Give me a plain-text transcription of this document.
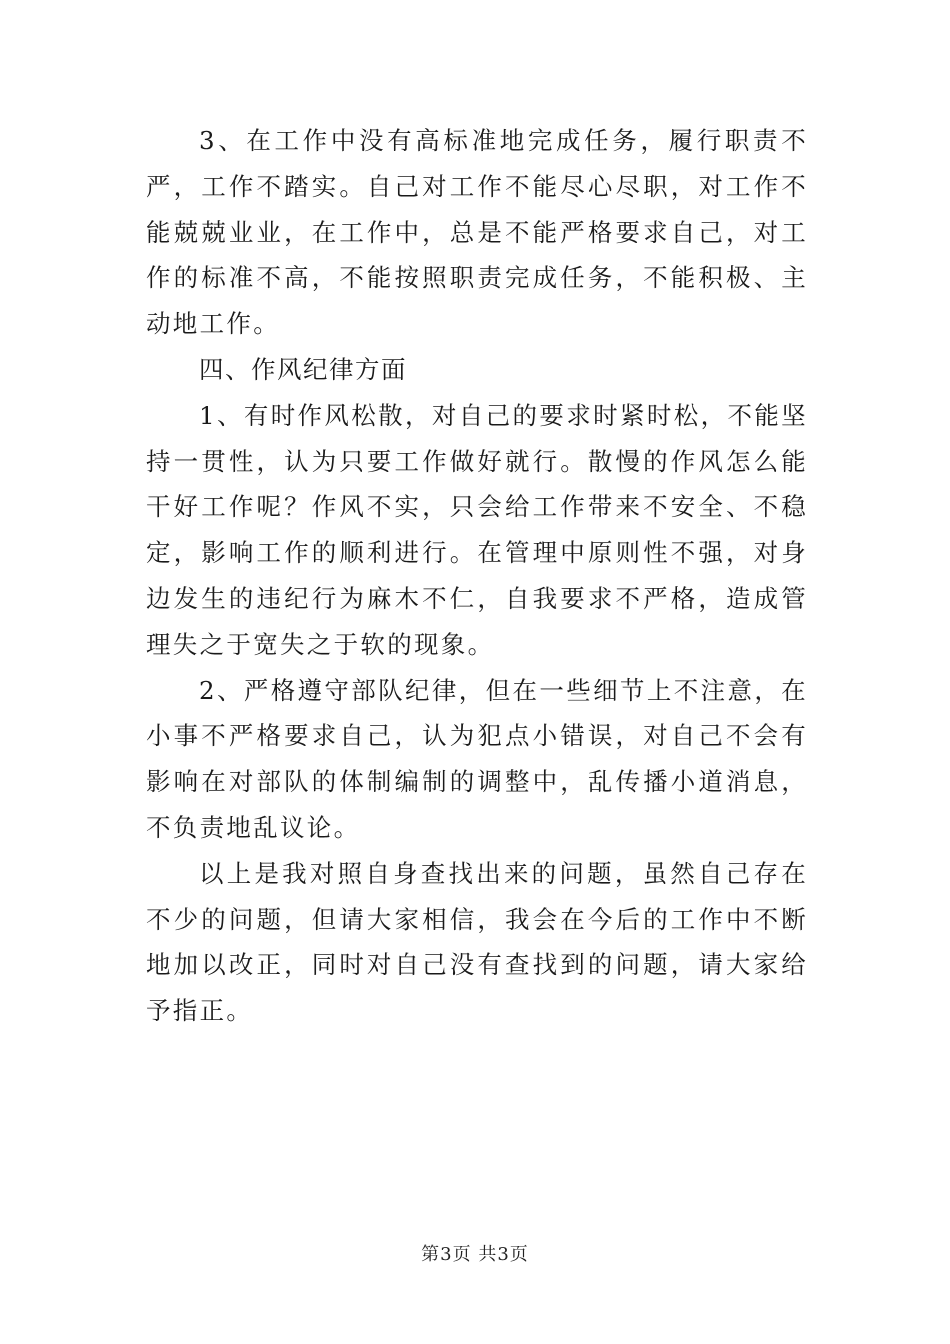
3、在工作中没有高标准地完成任务，履行职责不严，工作不踏实。自己对工作不能尽心尽职，对工作不能兢兢业业，在工作中，总是不能严格要求自己，对工作的标准不高，不能按照职责完成任务，不能积极、主动地工作。

四、作风纪律方面

1、有时作风松散，对自己的要求时紧时松，不能坚持一贯性，认为只要工作做好就行。散慢的作风怎么能干好工作呢？作风不实，只会给工作带来不安全、不稳定，影响工作的顺利进行。在管理中原则性不强，对身边发生的违纪行为麻木不仁，自我要求不严格，造成管理失之于宽失之于软的现象。

2、严格遵守部队纪律，但在一些细节上不注意，在小事不严格要求自己，认为犯点小错误，对自己不会有影响在对部队的体制编制的调整中，乱传播小道消息，不负责地乱议论。

以上是我对照自身查找出来的问题，虽然自己存在不少的问题，但请大家相信，我会在今后的工作中不断地加以改正，同时对自己没有查找到的问题，请大家给予指正。

第3页 共3页
